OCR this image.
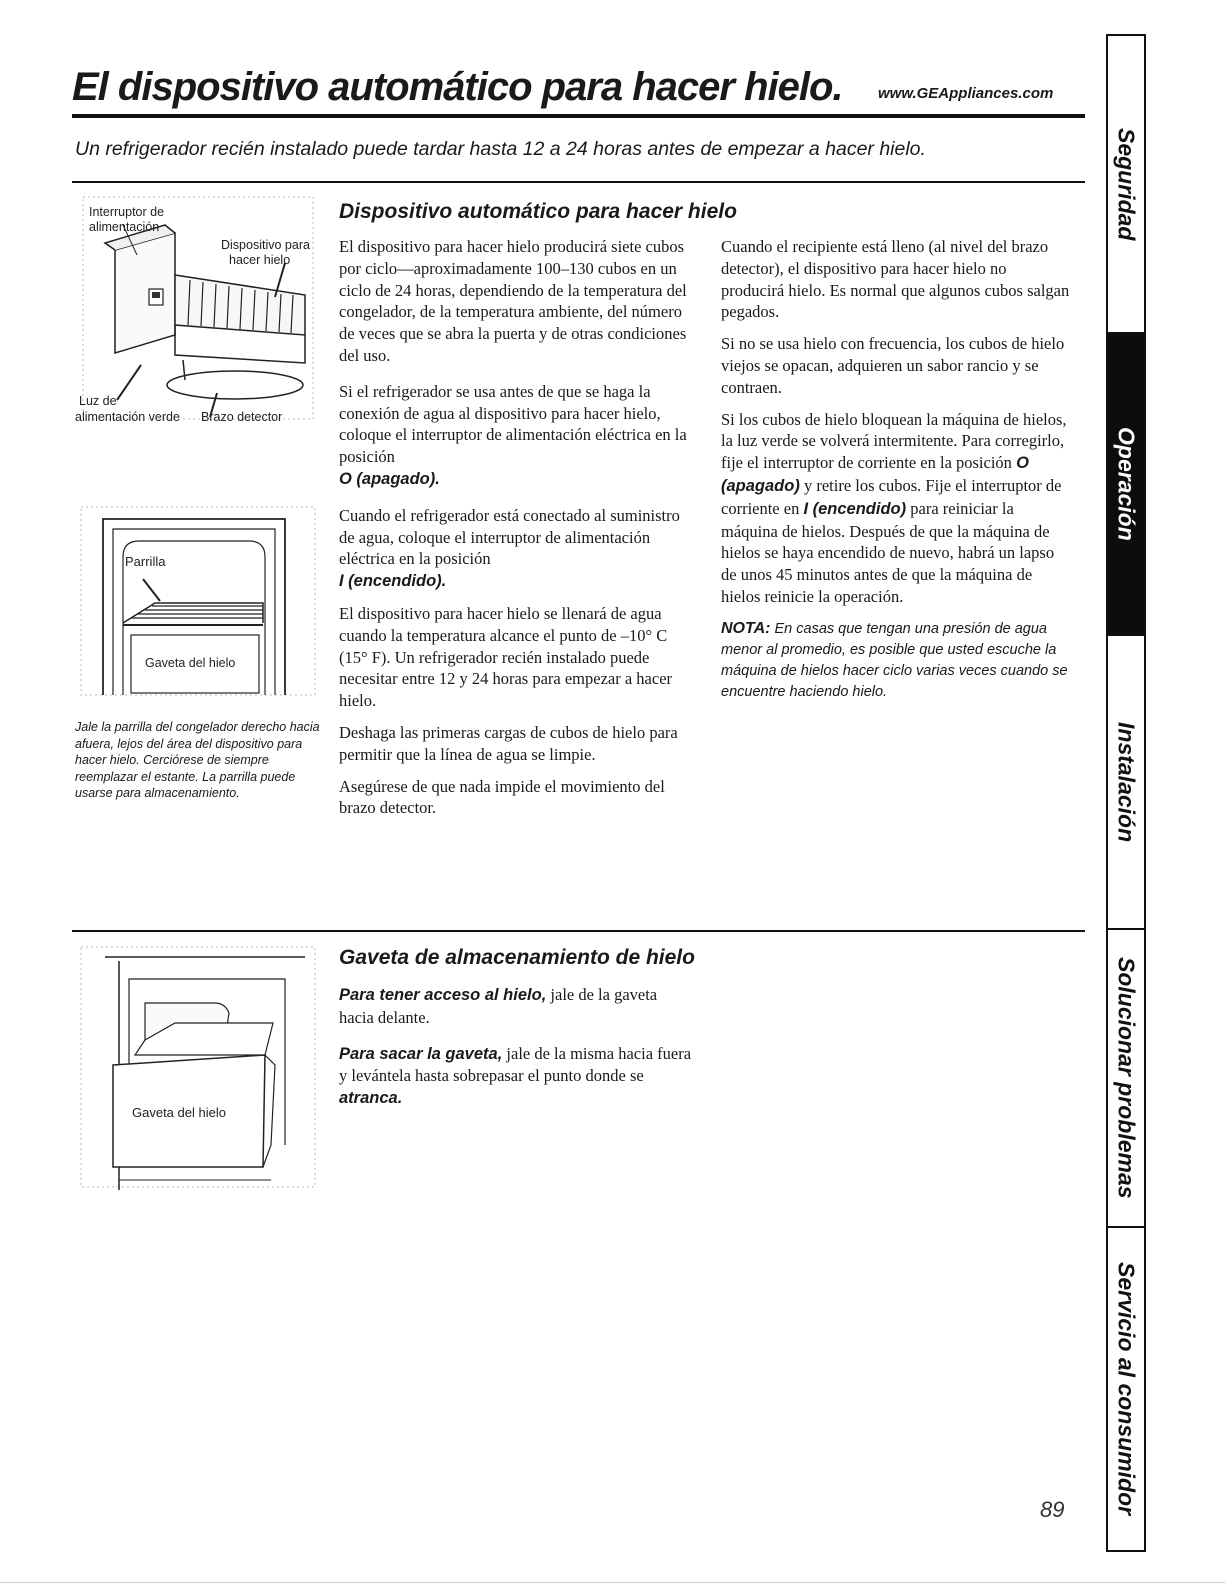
El dispositivo automático para hacer hielo. www.GEAppliances.com
Un refrigerador recién instalado puede tardar hasta 12 a 24 horas antes de empezar a hacer hielo.
Interruptor de
alimentación
Dispositivo para
hacer hielo
Luz de
alimentación verde Brazo detector
Parrilla
Gaveta del hielo
Jale la parrilla del congelador derecho hacia afuera, lejos del área del dispositivo para hacer hielo. Cerciórese de siempre reemplazar el estante. La parrilla puede usarse para almacenamiento.
Dispositivo automático para hacer hielo

El dispositivo para hacer hielo producirá siete cubos por ciclo—aproximadamente 100–130 cubos en un ciclo de 24 horas, dependiendo de la temperatura del congelador, de la temperatura ambiente, del número de veces que se abra la puerta y de otras condiciones del uso.

Si el refrigerador se usa antes de que se haga la conexión de agua al dispositivo para hacer hielo, coloque el interruptor de alimentación eléctrica en la posición
O (apagado).

Cuando el refrigerador está conectado al suministro de agua, coloque el interruptor de alimentación eléctrica en la posición
I (encendido).

El dispositivo para hacer hielo se llenará de agua cuando la temperatura alcance el punto de –10° C (15° F). Un refrigerador recién instalado puede necesitar entre 12 y 24 horas para empezar a hacer hielo.

Deshaga las primeras cargas de cubos de hielo para permitir que la línea de agua se limpie.

Asegúrese de que nada impide el movimiento del brazo detector.

Cuando el recipiente está lleno (al nivel del brazo detector), el dispositivo para hacer hielo no producirá hielo. Es normal que algunos cubos salgan pegados.

Si no se usa hielo con frecuencia, los cubos de hielo viejos se opacan, adquieren un sabor rancio y se contraen.

Si los cubos de hielo bloquean la máquina de hielos, la luz verde se volverá intermitente. Para corregirlo, fije el interruptor de corriente en la posición O (apagado) y retire los cubos. Fije el interruptor de corriente en I (encendido) para reiniciar la máquina de hielos. Después de que la máquina de hielos se haya encendido de nuevo, habrá un lapso de unos 45 minutos antes de que la máquina de hielos reinicie la operación.

NOTA: En casas que tengan una presión de agua menor al promedio, es posible que usted escuche la máquina de hielos hacer ciclo varias veces cuando se encuentre haciendo hielo.

Gaveta del hielo
Gaveta de almacenamiento de hielo

Para tener acceso al hielo, jale de la gaveta hacia delante.

Para sacar la gaveta, jale de la misma hacia fuera y levántela hasta sobrepasar el punto donde se atranca.

Seguridad
Operación
Instalación
Solucionar problemas
Servicio al consumidor
89
